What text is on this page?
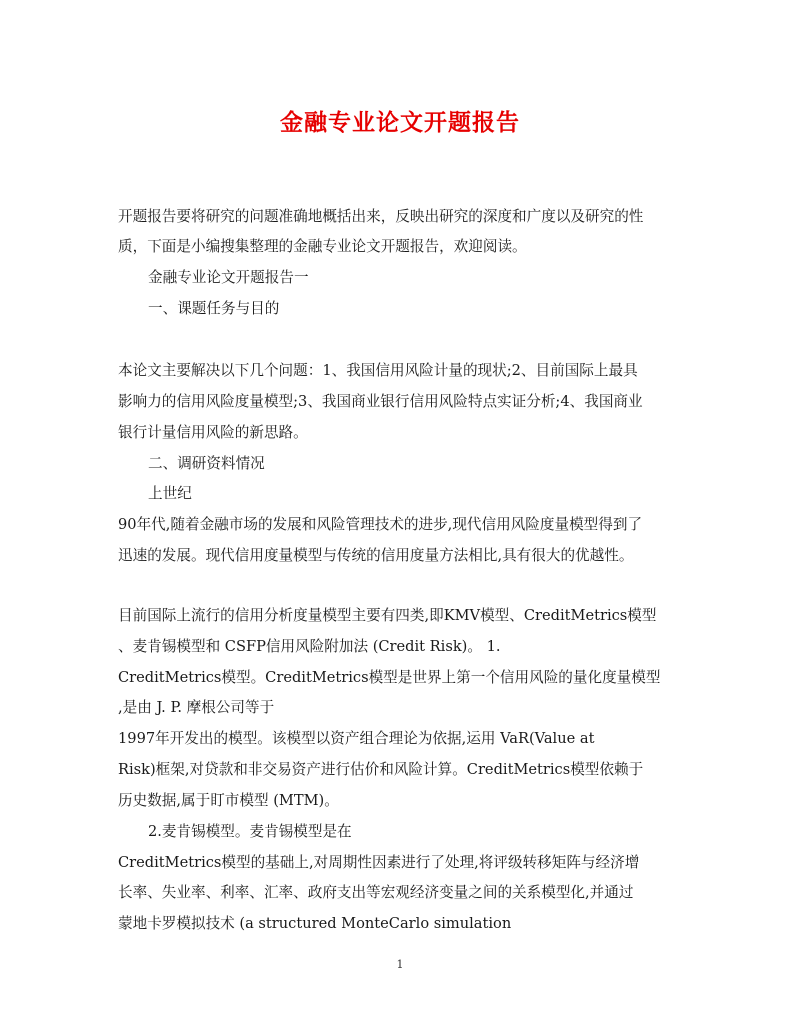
金融专业论文开题报告
开题报告要将研究的问题准确地概括出来，反映出研究的深度和广度以及研究的性
质，下面是小编搜集整理的金融专业论文开题报告，欢迎阅读。
金融专业论文开题报告一
一、课题任务与目的
本论文主要解决以下几个问题：1、我国信用风险计量的现状;2、目前国际上最具
影响力的信用风险度量模型;3、我国商业银行信用风险特点实证分析;4、我国商业
银行计量信用风险的新思路。
二、调研资料情况
上世纪
90年代,随着金融市场的发展和风险管理技术的进步,现代信用风险度量模型得到了
迅速的发展。现代信用度量模型与传统的信用度量方法相比,具有很大的优越性。
目前国际上流行的信用分析度量模型主要有四类,即KMV模型、CreditMetrics模型
、麦肯锡模型和 CSFP信用风险附加法 (Credit Risk)。 1.
CreditMetrics模型。CreditMetrics模型是世界上第一个信用风险的量化度量模型
,是由 J. P. 摩根公司等于
1997年开发出的模型。该模型以资产组合理论为依据,运用 VaR(Value at
Risk)框架,对贷款和非交易资产进行估价和风险计算。CreditMetrics模型依赖于
历史数据,属于盯市模型 (MTM)。
2.麦肯锡模型。麦肯锡模型是在
CreditMetrics模型的基础上,对周期性因素进行了处理,将评级转移矩阵与经济增
长率、失业率、利率、汇率、政府支出等宏观经济变量之间的关系模型化,并通过
蒙地卡罗模拟技术 (a structured MonteCarlo simulation
1
